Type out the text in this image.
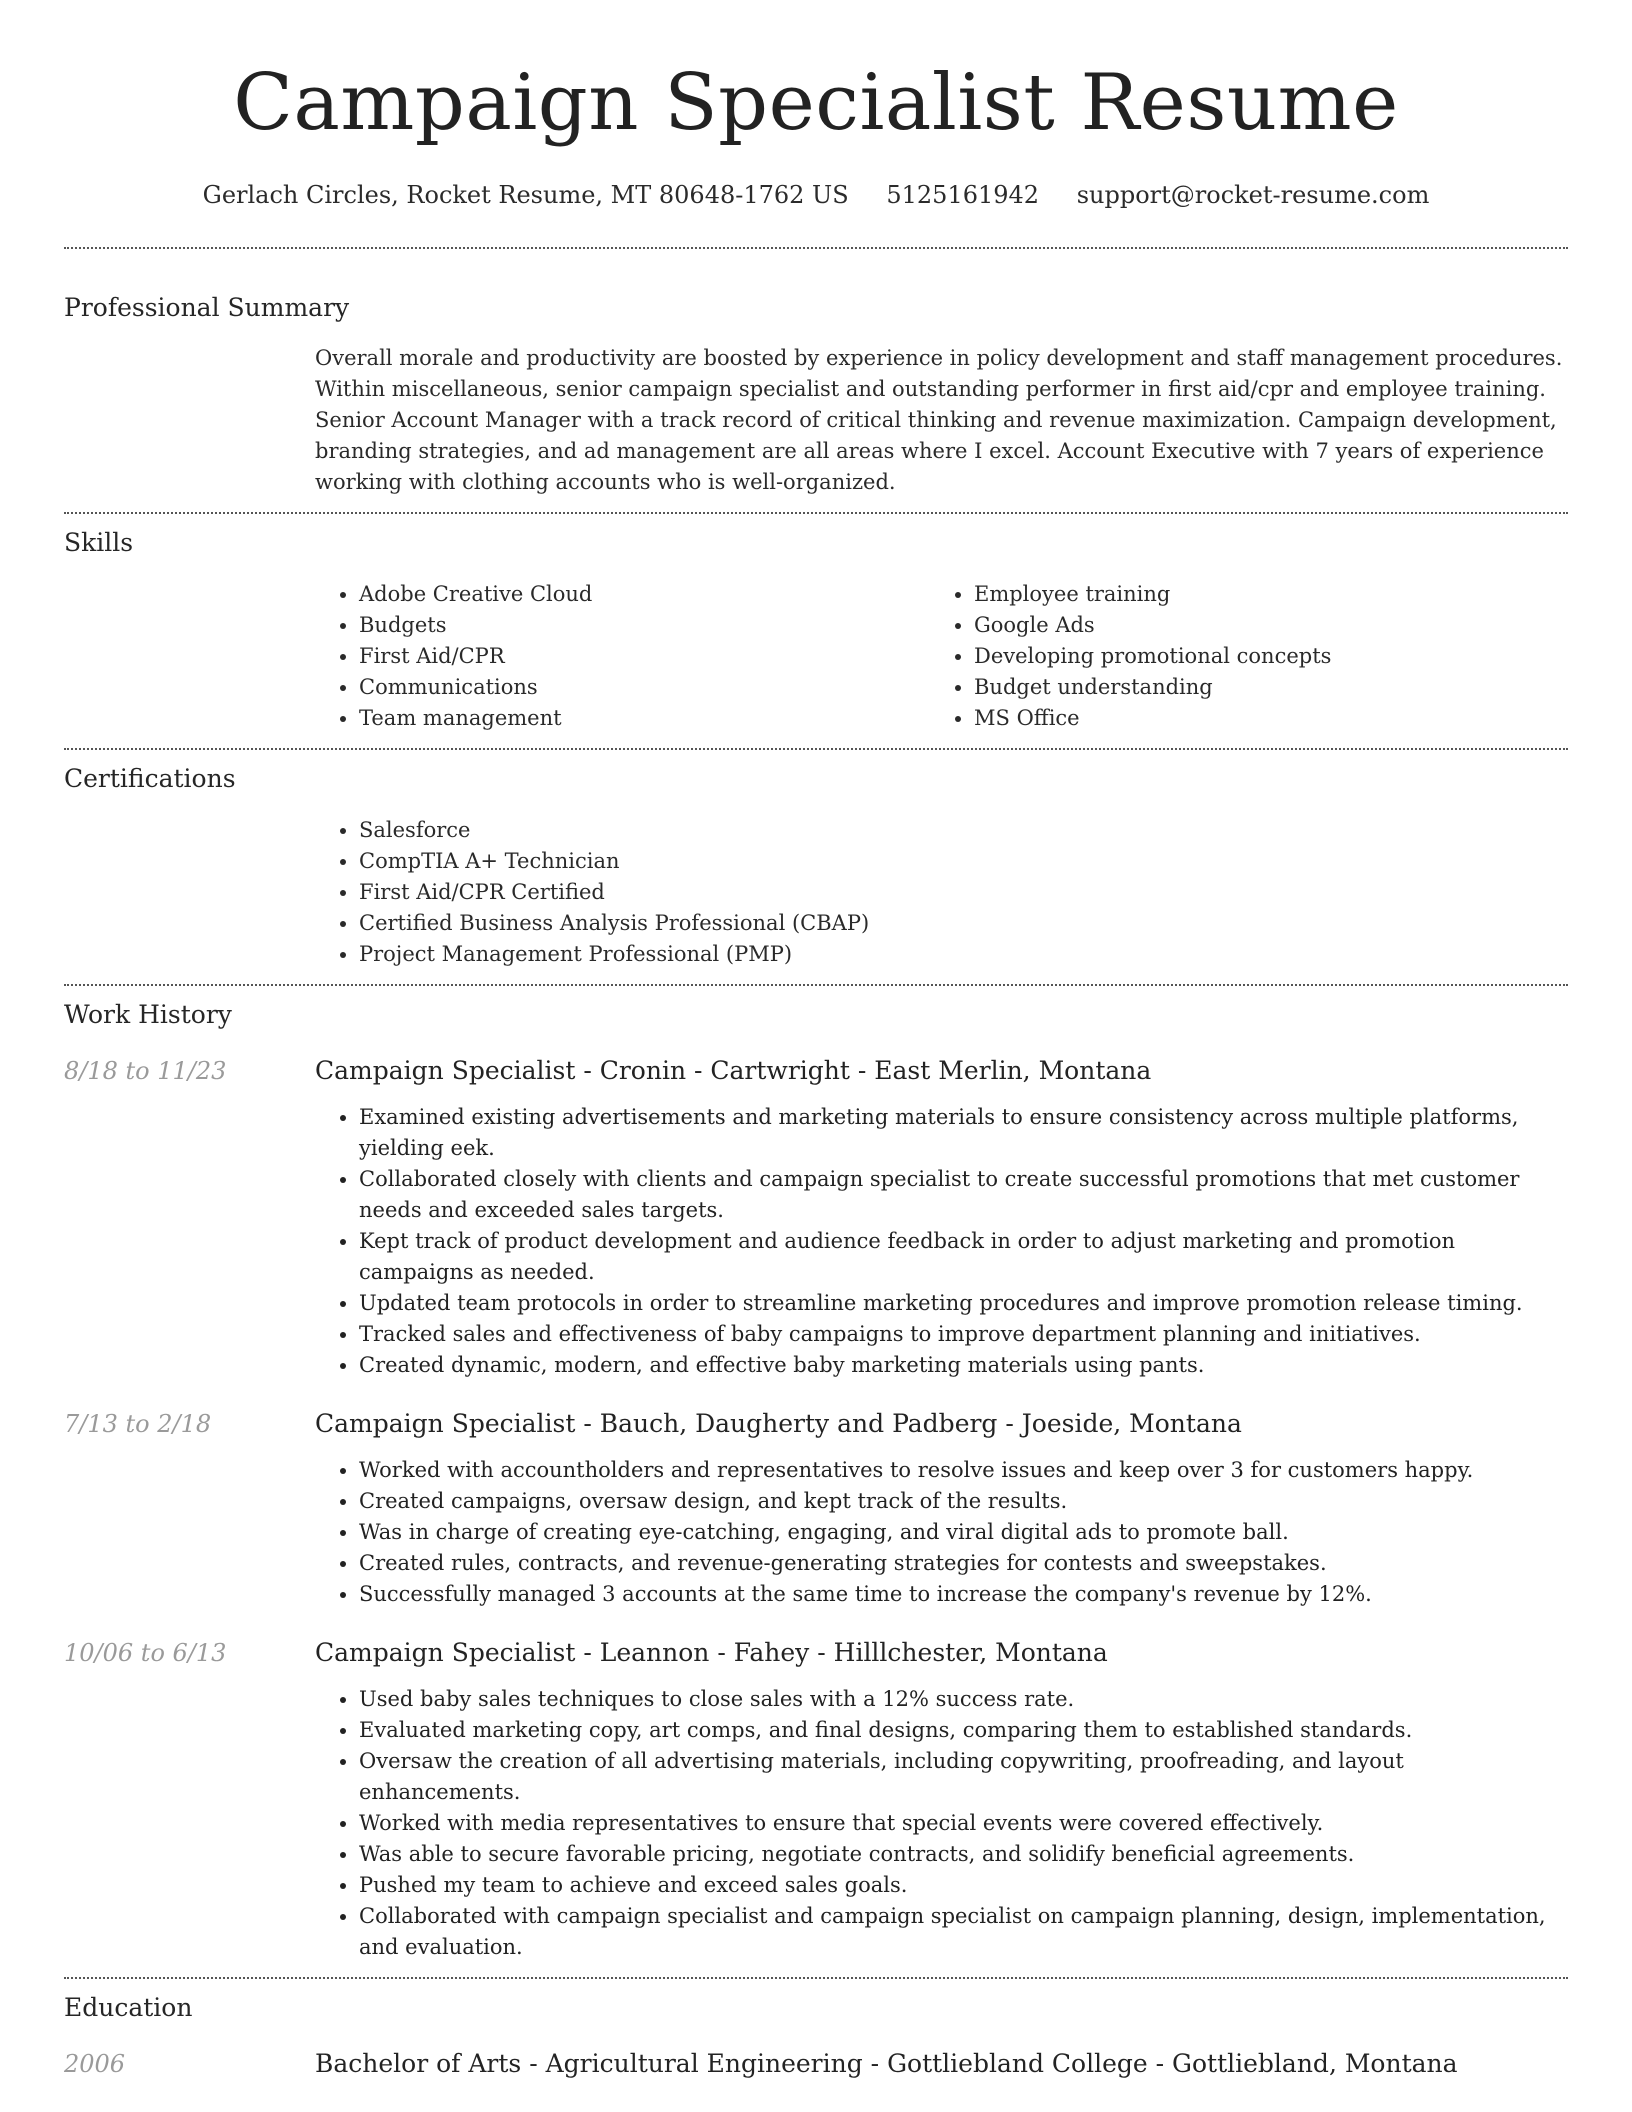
Campaign Specialist Resume
Gerlach Circles, Rocket Resume, MT 80648-1762 US 5125161942 support@rocket-resume.com
Professional Summary
Overall morale and productivity are boosted by experience in policy development and staff management procedures. Within miscellaneous, senior campaign specialist and outstanding performer in first aid/cpr and employee training. Senior Account Manager with a track record of critical thinking and revenue maximization. Campaign development, branding strategies, and ad management are all areas where I excel. Account Executive with 7 years of experience working with clothing accounts who is well-organized.
Skills
• Adobe Creative Cloud
• Budgets
• First Aid/CPR
• Communications
• Team management
• Employee training
• Google Ads
• Developing promotional concepts
• Budget understanding
• MS Office
Certifications
• Salesforce
• CompTIA A+ Technician
• First Aid/CPR Certified
• Certified Business Analysis Professional (CBAP)
• Project Management Professional (PMP)
Work History
8/18 to 11/23	Campaign Specialist - Cronin - Cartwright - East Merlin, Montana
• Examined existing advertisements and marketing materials to ensure consistency across multiple platforms, yielding eek.
• Collaborated closely with clients and campaign specialist to create successful promotions that met customer needs and exceeded sales targets.
• Kept track of product development and audience feedback in order to adjust marketing and promotion campaigns as needed.
• Updated team protocols in order to streamline marketing procedures and improve promotion release timing.
• Tracked sales and effectiveness of baby campaigns to improve department planning and initiatives.
• Created dynamic, modern, and effective baby marketing materials using pants.
7/13 to 2/18	Campaign Specialist - Bauch, Daugherty and Padberg - Joeside, Montana
• Worked with accountholders and representatives to resolve issues and keep over 3 for customers happy.
• Created campaigns, oversaw design, and kept track of the results.
• Was in charge of creating eye-catching, engaging, and viral digital ads to promote ball.
• Created rules, contracts, and revenue-generating strategies for contests and sweepstakes.
• Successfully managed 3 accounts at the same time to increase the company's revenue by 12%.
10/06 to 6/13	Campaign Specialist - Leannon - Fahey - Hilllchester, Montana
• Used baby sales techniques to close sales with a 12% success rate.
• Evaluated marketing copy, art comps, and final designs, comparing them to established standards.
• Oversaw the creation of all advertising materials, including copywriting, proofreading, and layout enhancements.
• Worked with media representatives to ensure that special events were covered effectively.
• Was able to secure favorable pricing, negotiate contracts, and solidify beneficial agreements.
• Pushed my team to achieve and exceed sales goals.
• Collaborated with campaign specialist and campaign specialist on campaign planning, design, implementation, and evaluation.
Education
2006	Bachelor of Arts - Agricultural Engineering - Gottliebland College - Gottliebland, Montana
